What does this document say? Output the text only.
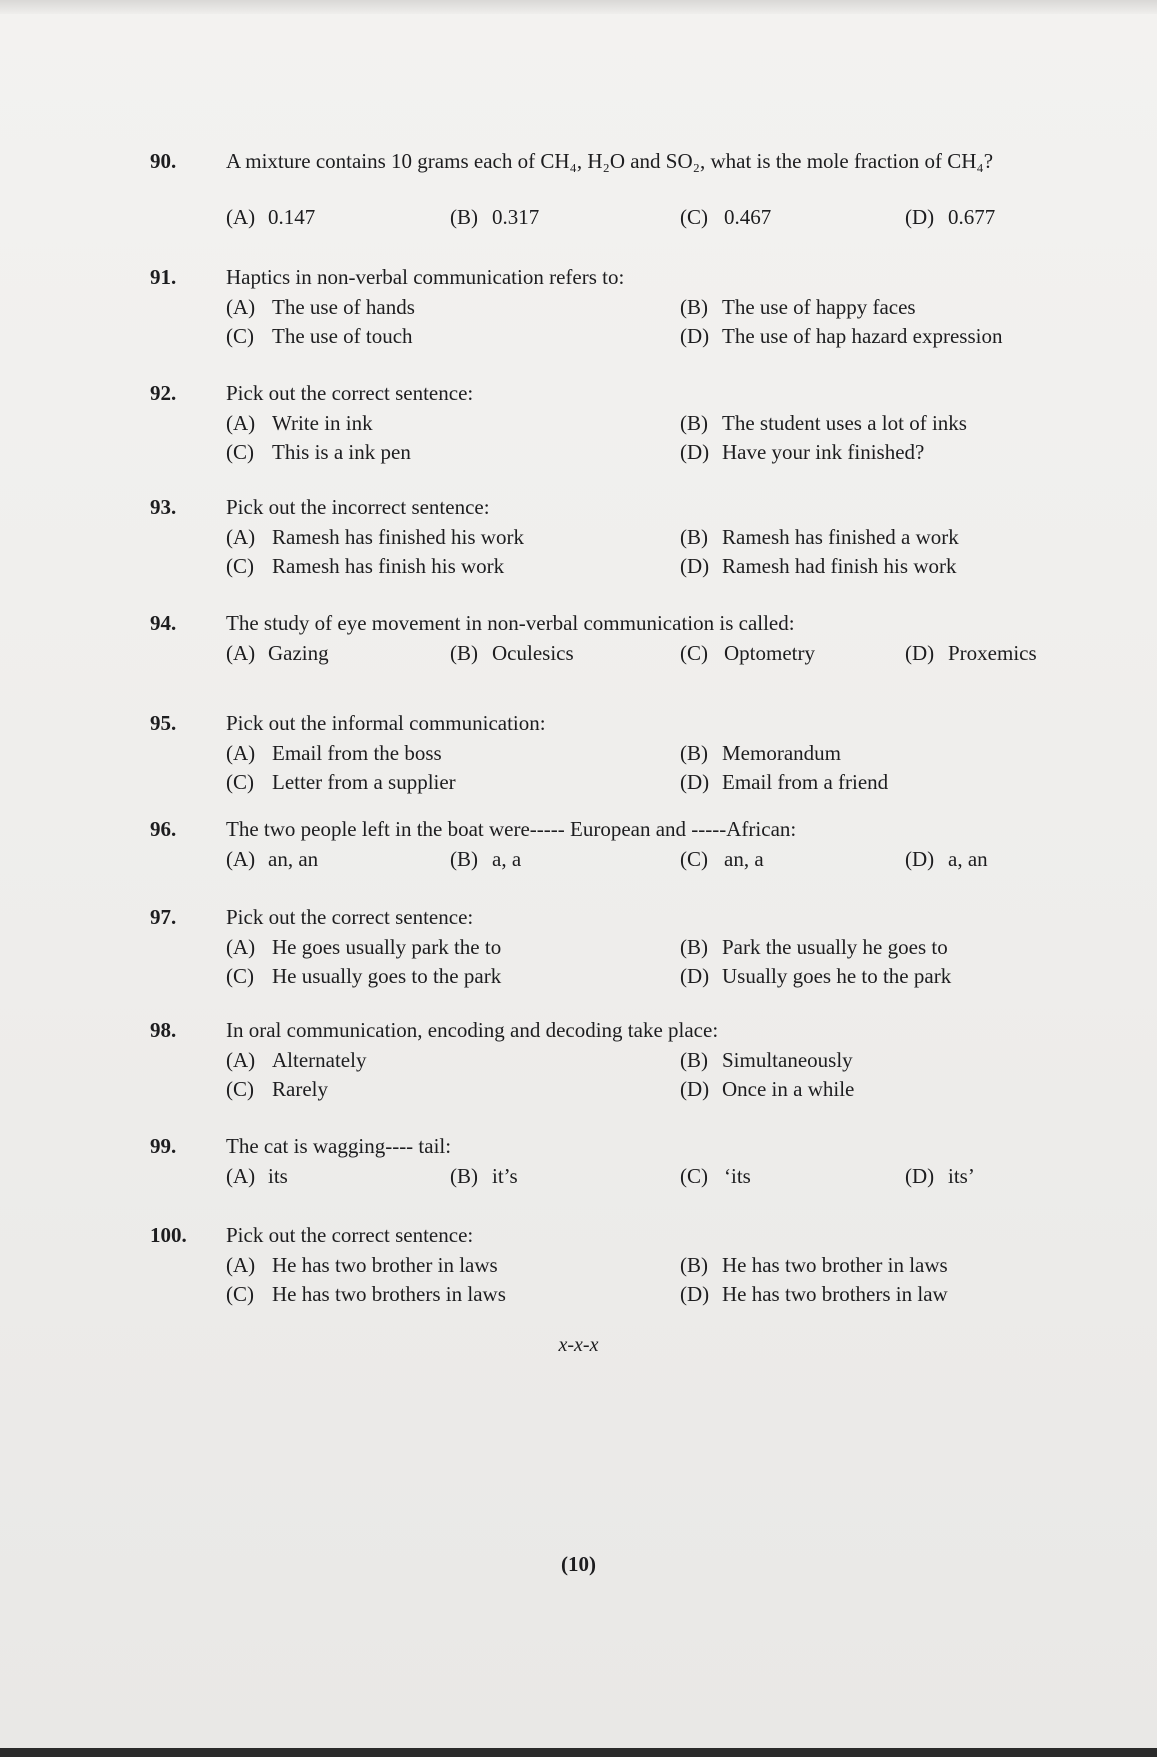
90. A mixture contains 10 grams each of CH₄, H₂O and SO₂, what is the mole fraction of CH₄?
(A) 0.147	(B) 0.317	(C) 0.467	(D) 0.677
91. Haptics in non-verbal communication refers to:
(A) The use of hands	(B) The use of happy faces
(C) The use of touch	(D) The use of hap hazard expression
92. Pick out the correct sentence:
(A) Write in ink	(B) The student uses a lot of inks
(C) This is a ink pen	(D) Have your ink finished?
93. Pick out the incorrect sentence:
(A) Ramesh has finished his work	(B) Ramesh has finished a work
(C) Ramesh has finish his work	(D) Ramesh had finish his work
94. The study of eye movement in non-verbal communication is called:
(A) Gazing	(B) Oculesics	(C) Optometry	(D) Proxemics
95. Pick out the informal communication:
(A) Email from the boss	(B) Memorandum
(C) Letter from a supplier	(D) Email from a friend
96. The two people left in the boat were----- European and -----African:
(A) an, an	(B) a, a	(C) an, a	(D) a, an
97. Pick out the correct sentence:
(A) He goes usually park the to	(B) Park the usually he goes to
(C) He usually goes to the park	(D) Usually goes he to the park
98. In oral communication, encoding and decoding take place:
(A) Alternately	(B) Simultaneously
(C) Rarely	(D) Once in a while
99. The cat is wagging---- tail:
(A) its	(B) it’s	(C) ‘its	(D) its’
100. Pick out the correct sentence:
(A) He has two brother in laws	(B) He has two brother in laws
(C) He has two brothers in laws	(D) He has two brothers in law
x-x-x
(10)
